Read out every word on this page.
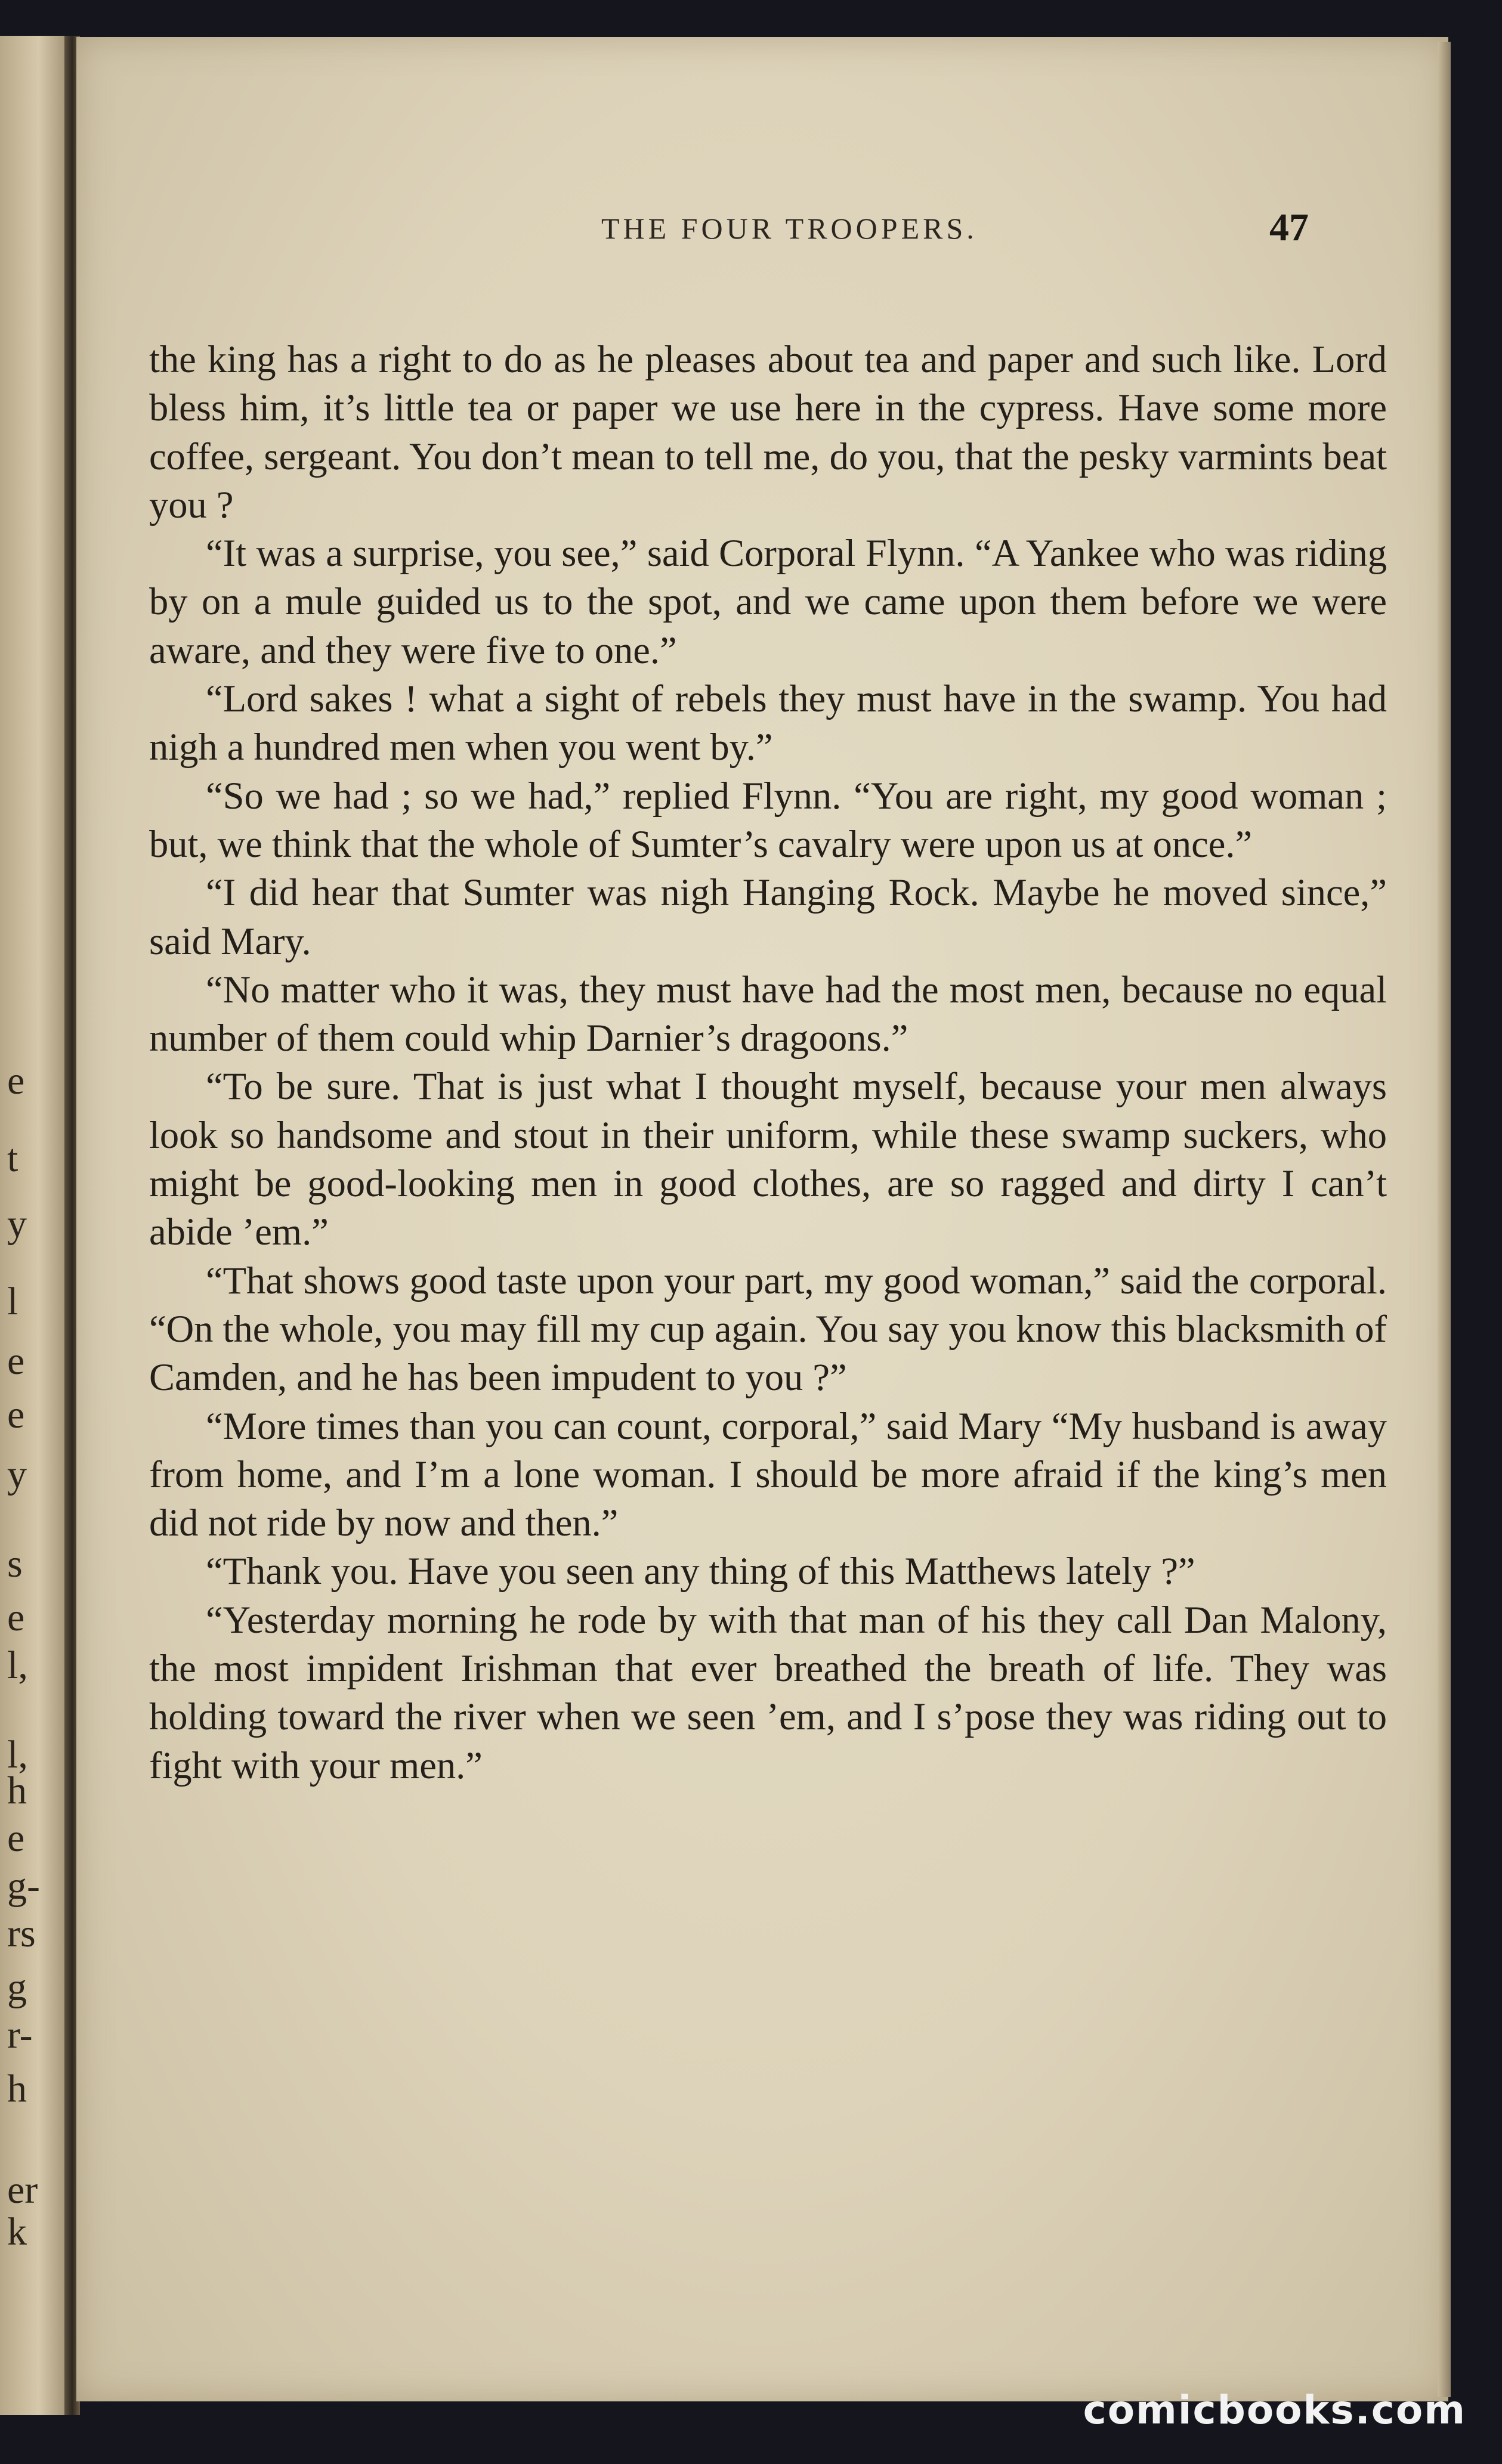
e
t
y
l
e
e
y
s
e
l,
l,
h
e
g-
rs
g
r-
h
er
k
THE FOUR TROOPERS.	47

the king has a right to do as he pleases about tea and paper and such like. Lord bless him, it’s little tea or paper we use here in the cypress. Have some more coffee, sergeant. You don’t mean to tell me, do you, that the pesky varmints beat you ?

“It was a surprise, you see,” said Corporal Flynn. “A Yankee who was riding by on a mule guided us to the spot, and we came upon them before we were aware, and they were five to one.”

“Lord sakes ! what a sight of rebels they must have in the swamp. You had nigh a hundred men when you went by.”

“So we had ; so we had,” replied Flynn. “You are right, my good woman ; but, we think that the whole of Sumter’s cavalry were upon us at once.”

“I did hear that Sumter was nigh Hanging Rock. Maybe he moved since,” said Mary.

“No matter who it was, they must have had the most men, because no equal number of them could whip Darnier’s dragoons.”

“To be sure. That is just what I thought myself, because your men always look so handsome and stout in their uniform, while these swamp suckers, who might be good-looking men in good clothes, are so ragged and dirty I can’t abide ’em.”

“That shows good taste upon your part, my good woman,” said the corporal. “On the whole, you may fill my cup again. You say you know this blacksmith of Camden, and he has been impudent to you ?”

“More times than you can count, corporal,” said Mary “My husband is away from home, and I’m a lone woman. I should be more afraid if the king’s men did not ride by now and then.”

“Thank you. Have you seen any thing of this Matthews lately ?”

“Yesterday morning he rode by with that man of his they call Dan Malony, the most impident Irishman that ever breathed the breath of life. They was holding toward the river when we seen ’em, and I s’pose they was riding out to fight with your men.”

comicbooks.com
